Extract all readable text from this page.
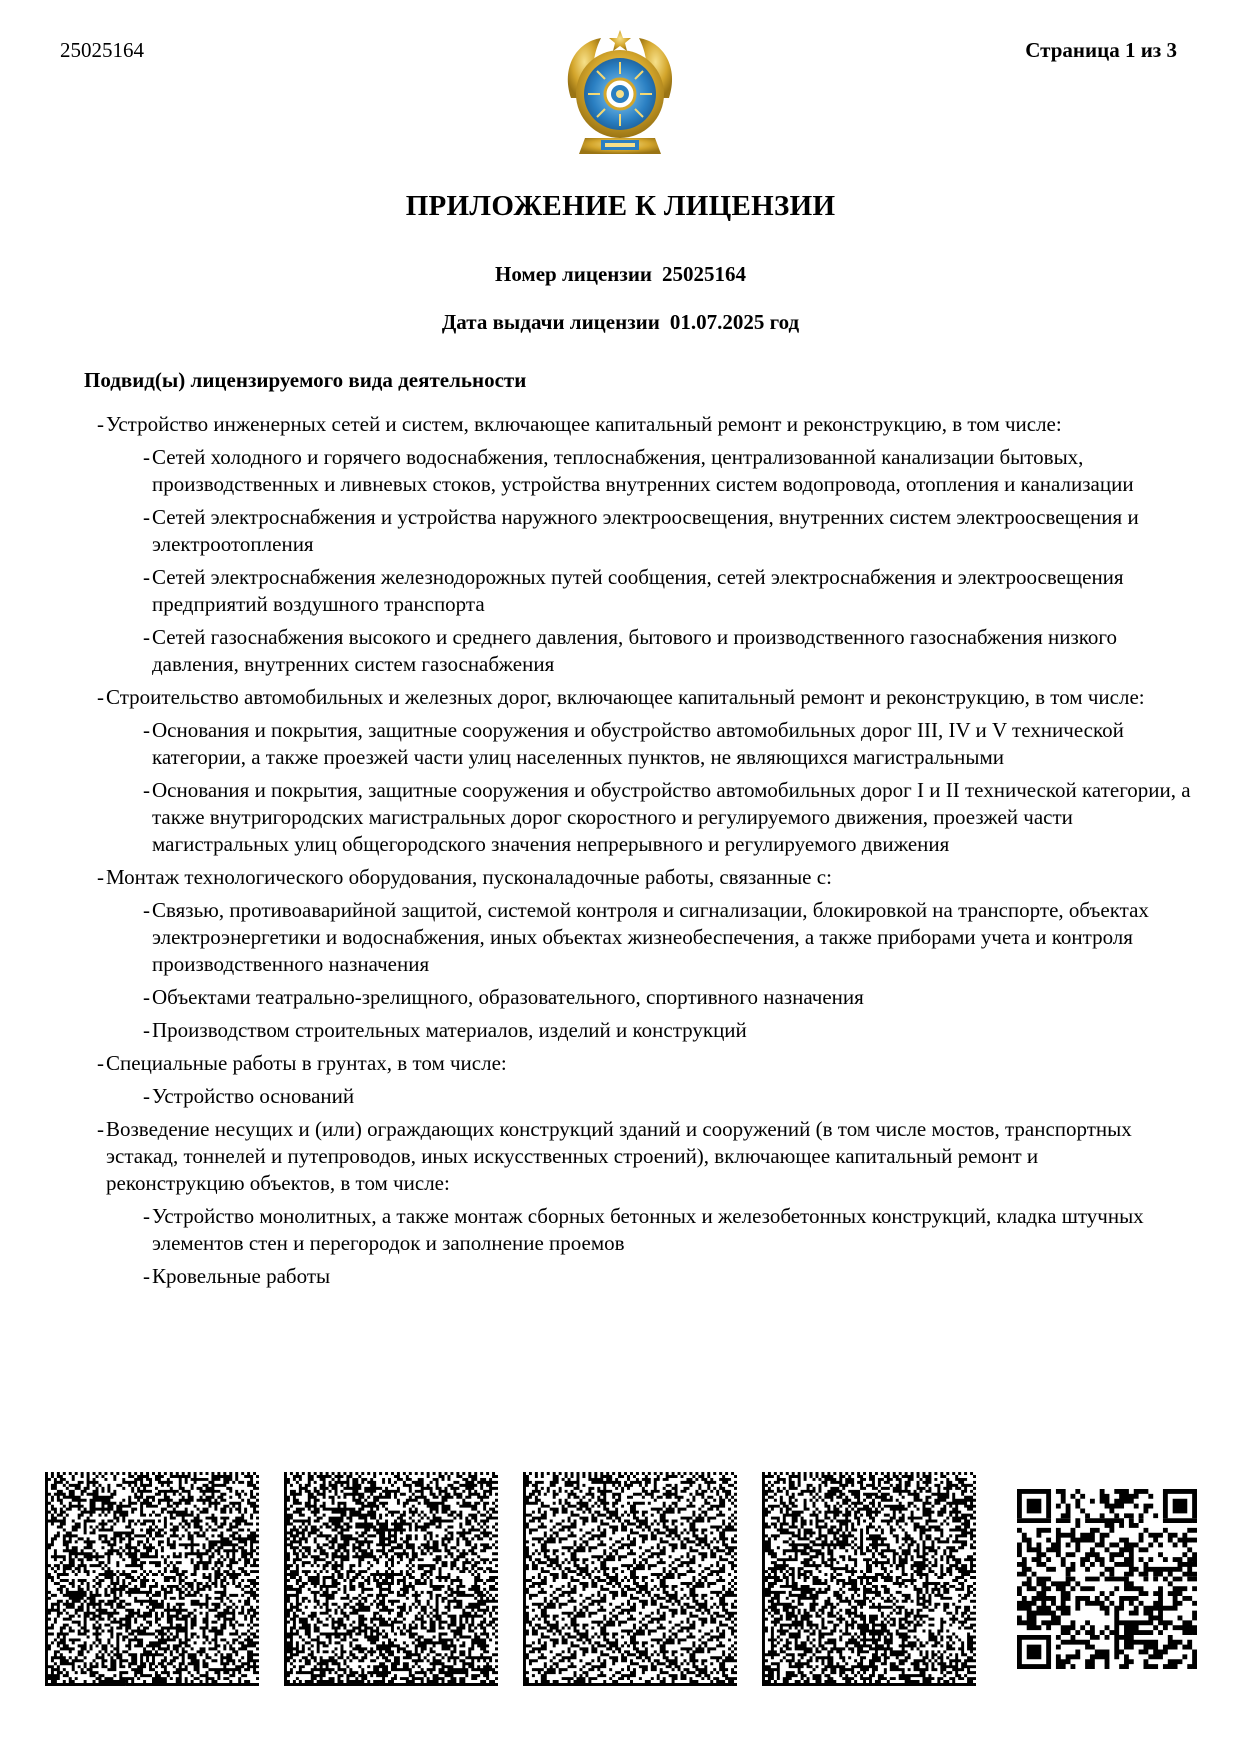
25025164	Страница 1 из 3
ПРИЛОЖЕНИЕ К ЛИЦЕНЗИИ
Номер лицензии 25025164
Дата выдачи лицензии 01.07.2025 год
Подвид(ы) лицензируемого вида деятельности
- Устройство инженерных сетей и систем, включающее капитальный ремонт и реконструкцию, в том числе:
- Сетей холодного и горячего водоснабжения, теплоснабжения, централизованной канализации бытовых, производственных и ливневых стоков, устройства внутренних систем водопровода, отопления и канализации
- Сетей электроснабжения и устройства наружного электроосвещения, внутренних систем электроосвещения и электроотопления
- Сетей электроснабжения железнодорожных путей сообщения, сетей электроснабжения и электроосвещения предприятий воздушного транспорта
- Сетей газоснабжения высокого и среднего давления, бытового и производственного газоснабжения низкого давления, внутренних систем газоснабжения
- Строительство автомобильных и железных дорог, включающее капитальный ремонт и реконструкцию, в том числе:
- Основания и покрытия, защитные сооружения и обустройство автомобильных дорог III, IV и V технической категории, а также проезжей части улиц населенных пунктов, не являющихся магистральными
- Основания и покрытия, защитные сооружения и обустройство автомобильных дорог I и II технической категории, а также внутригородских магистральных дорог скоростного и регулируемого движения, проезжей части магистральных улиц общегородского значения непрерывного и регулируемого движения
- Монтаж технологического оборудования, пусконаладочные работы, связанные с:
- Связью, противоаварийной защитой, системой контроля и сигнализации, блокировкой на транспорте, объектах электроэнергетики и водоснабжения, иных объектах жизнеобеспечения, а также приборами учета и контроля производственного назначения
- Объектами театрально-зрелищного, образовательного, спортивного назначения
- Производством строительных материалов, изделий и конструкций
- Специальные работы в грунтах, в том числе:
- Устройство оснований
- Возведение несущих и (или) ограждающих конструкций зданий и сооружений (в том числе мостов, транспортных эстакад, тоннелей и путепроводов, иных искусственных строений), включающее капитальный ремонт и реконструкцию объектов, в том числе:
- Устройство монолитных, а также монтаж сборных бетонных и железобетонных конструкций, кладка штучных элементов стен и перегородок и заполнение проемов
- Кровельные работы
